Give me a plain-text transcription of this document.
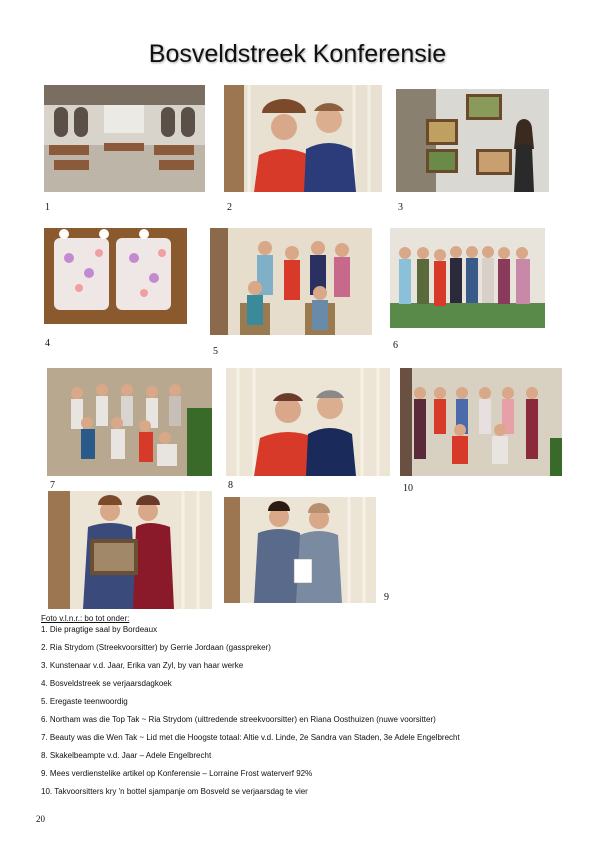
Bosveldstreek Konferensie
1	2	3
4
5
6
7	8	10
9
Foto v.l.n.r.: bo tot onder:
1. Die pragtige saal by Bordeaux
2. Ria Strydom (Streekvoorsitter) by Gerrie Jordaan (gasspreker)
3. Kunstenaar v.d. Jaar, Erika van Zyl, by van haar werke
4. Bosveldstreek se verjaarsdagkoek
5. Eregaste teenwoordig
6. Northam was die Top Tak ~ Ria Strydom (uittredende streekvoorsitter) en Riana Oosthuizen (nuwe voorsitter)
7. Beauty was die Wen Tak ~ Lid met die Hoogste totaal: Altie v.d. Linde, 2e Sandra van Staden, 3e Adele Engelbrecht
8. Skakelbeampte v.d. Jaar – Adele Engelbrecht
9. Mees verdienstelike artikel op Konferensie – Lorraine Frost waterverf 92%
10. Takvoorsitters kry 'n bottel sjampanje om Bosveld se verjaarsdag te vier
20
